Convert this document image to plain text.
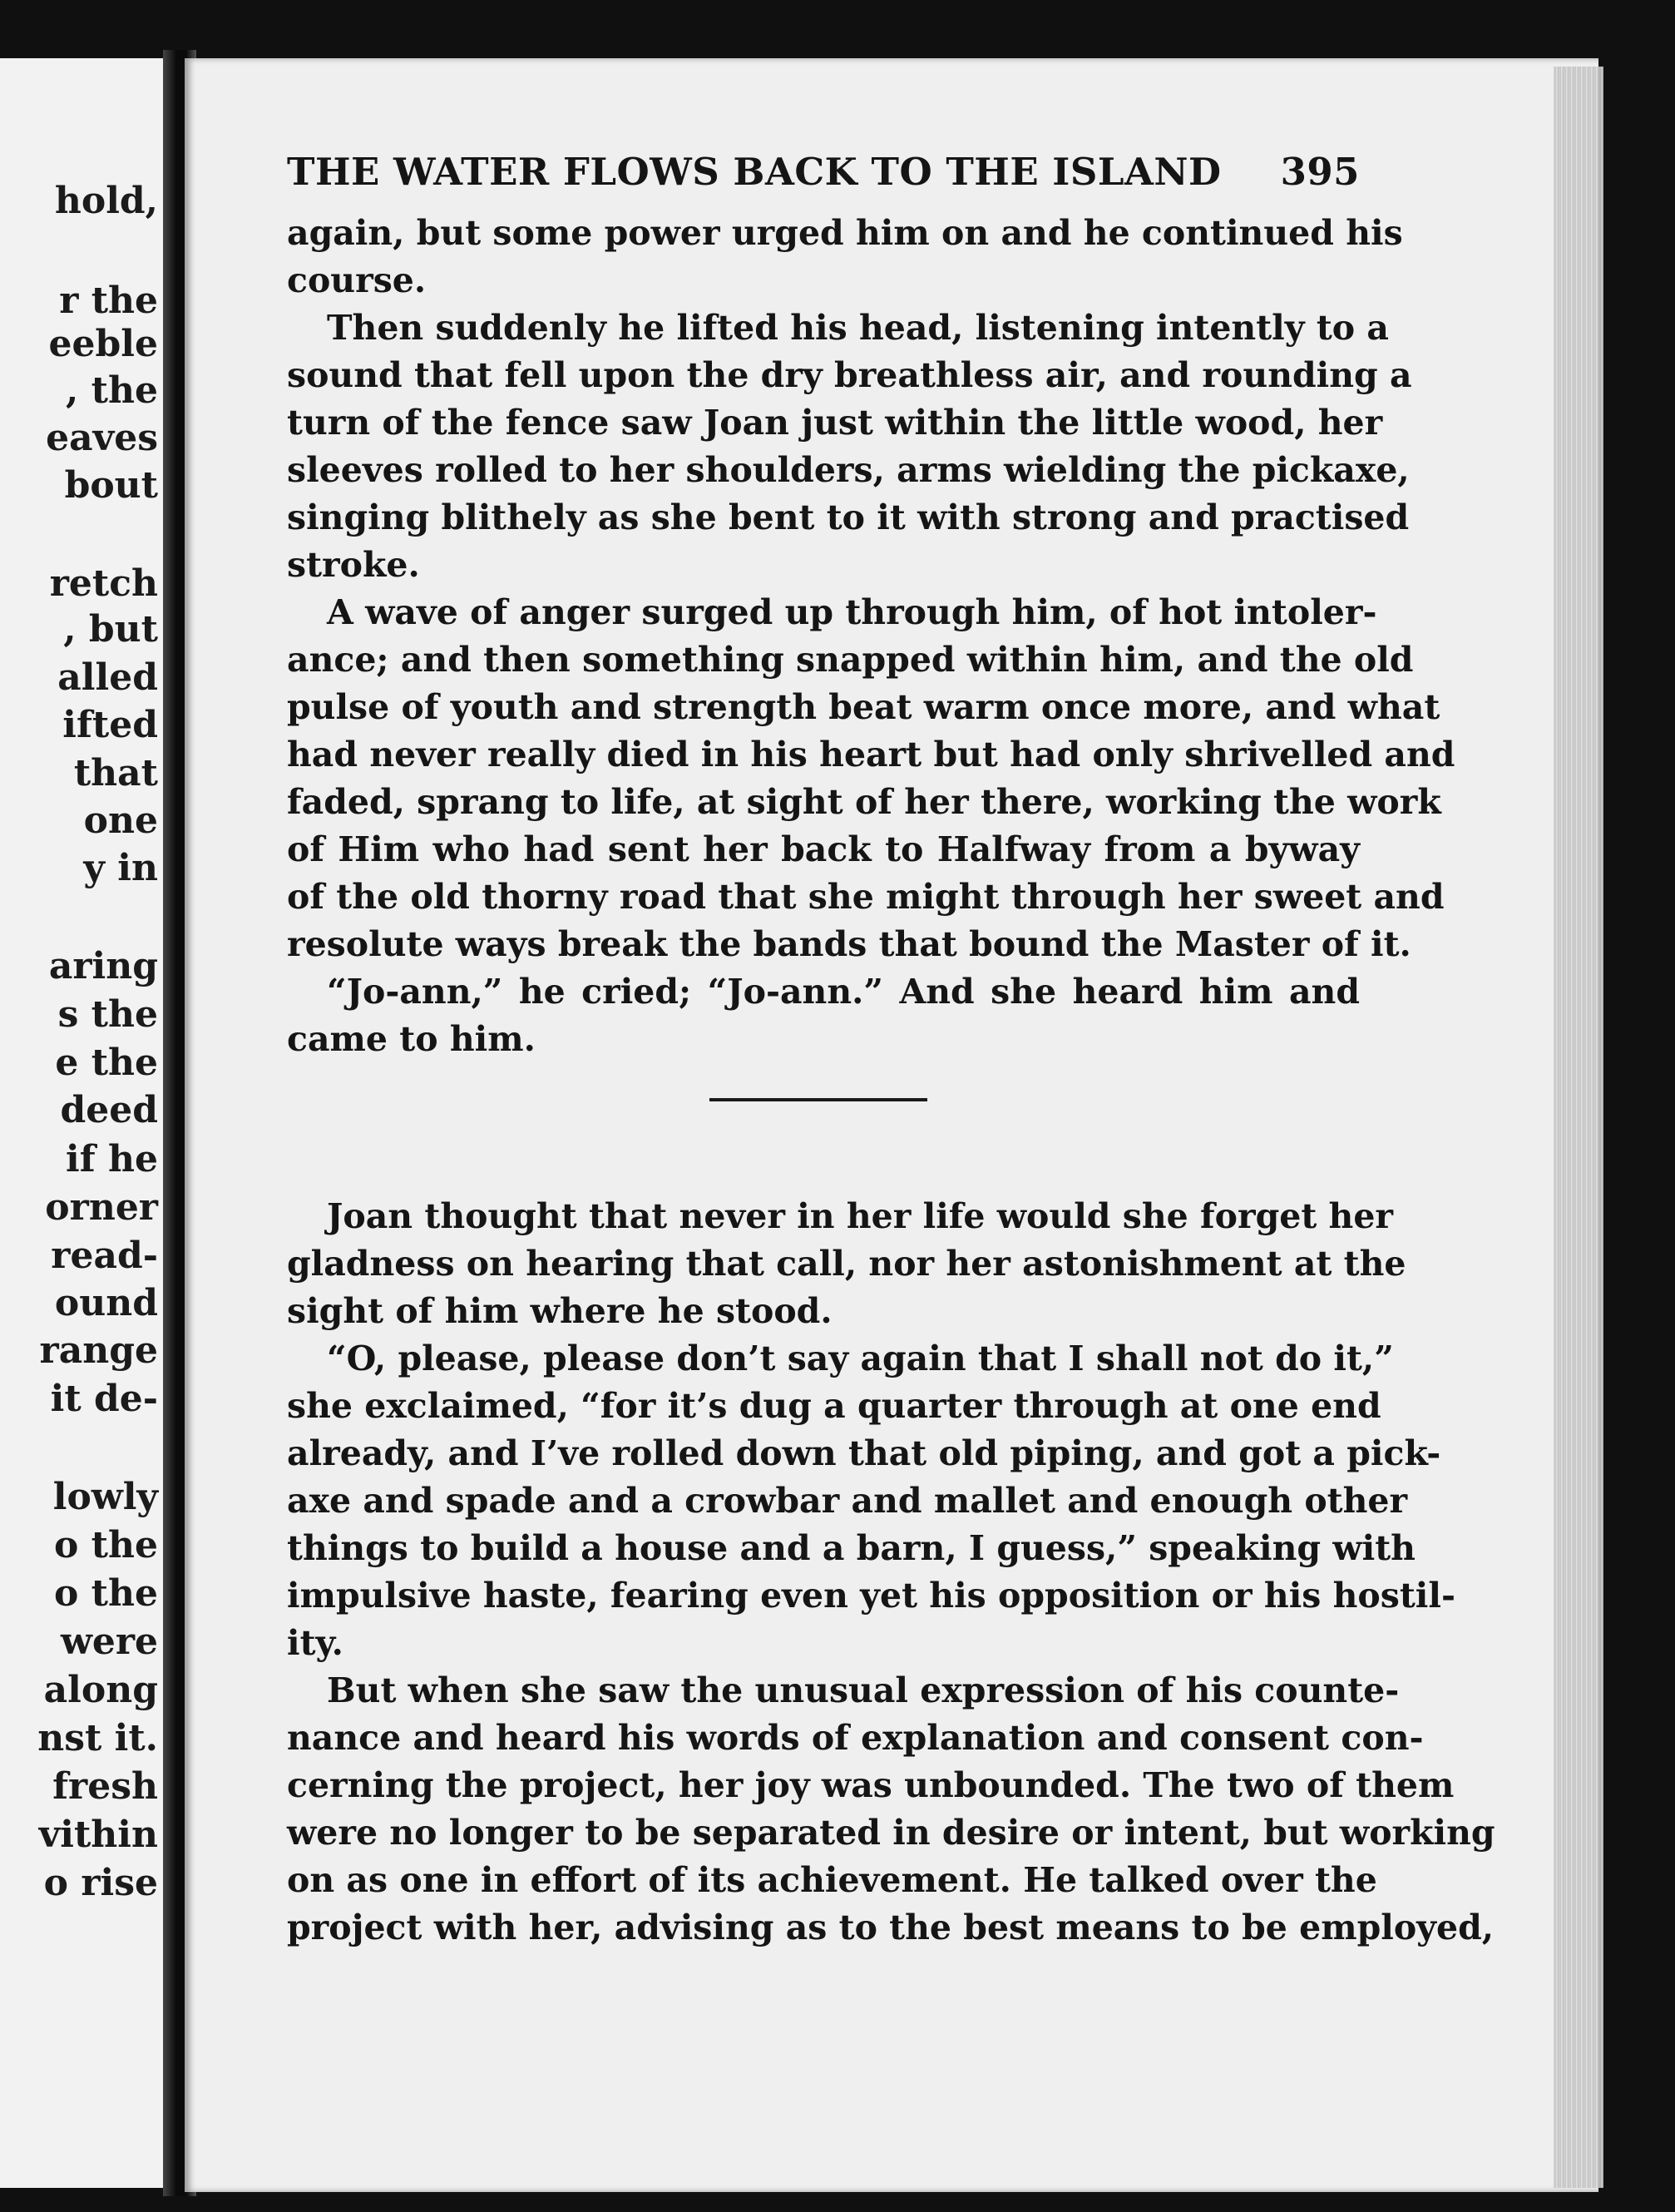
hold,
r the
eeble
, the
eaves
bout
retch
, but
alled
ifted
that
one
y in
aring
s the
e the
deed
if he
orner
read-
ound
range
it de-
lowly
o the
o the
were
along
nst it.
fresh
vithin
o rise
THE WATER FLOWS BACK TO THE ISLAND 395
again, but some power urged him on and he continued his
course.
Then suddenly he lifted his head, listening intently to a
sound that fell upon the dry breathless air, and rounding a
turn of the fence saw Joan just within the little wood, her
sleeves rolled to her shoulders, arms wielding the pickaxe,
singing blithely as she bent to it with strong and practised
stroke.
A wave of anger surged up through him, of hot intoler-
ance; and then something snapped within him, and the old
pulse of youth and strength beat warm once more, and what
had never really died in his heart but had only shrivelled and
faded, sprang to life, at sight of her there, working the work
of Him who had sent her back to Halfway from a byway
of the old thorny road that she might through her sweet and
resolute ways break the bands that bound the Master of it.
“Jo-ann,” he cried; “Jo-ann.” And she heard him and
came to him.
Joan thought that never in her life would she forget her
gladness on hearing that call, nor her astonishment at the
sight of him where he stood.
“O, please, please don’t say again that I shall not do it,”
she exclaimed, “for it’s dug a quarter through at one end
already, and I’ve rolled down that old piping, and got a pick-
axe and spade and a crowbar and mallet and enough other
things to build a house and a barn, I guess,” speaking with
impulsive haste, fearing even yet his opposition or his hostil-
ity.
But when she saw the unusual expression of his counte-
nance and heard his words of explanation and consent con-
cerning the project, her joy was unbounded. The two of them
were no longer to be separated in desire or intent, but working
on as one in effort of its achievement. He talked over the
project with her, advising as to the best means to be employed,
